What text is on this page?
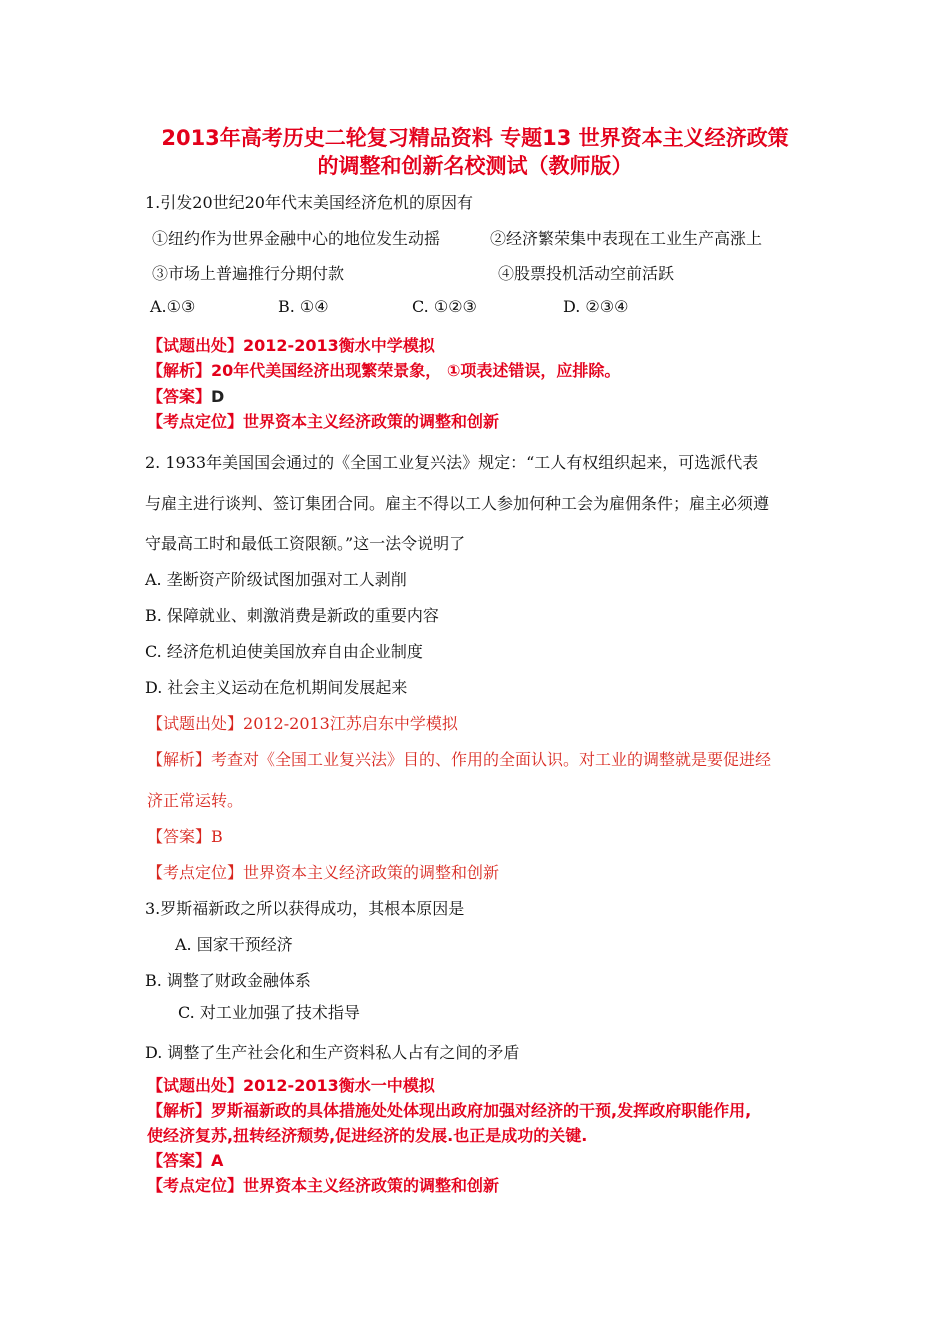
2013年高考历史二轮复习精品资料 专题13 世界资本主义经济政策
的调整和创新名校测试（教师版）
1.引发20世纪20年代末美国经济危机的原因有
①纽约作为世界金融中心的地位发生动摇	②经济繁荣集中表现在工业生产高涨上
③市场上普遍推行分期付款	④股票投机活动空前活跃
A.①③	B. ①④	C. ①②③	D. ②③④
【试题出处】2012-2013衡水中学模拟
【解析】20年代美国经济出现繁荣景象， ①项表述错误，应排除。
【答案】D
【考点定位】世界资本主义经济政策的调整和创新
2. 1933年美国国会通过的《全国工业复兴法》规定：“工人有权组织起来，可选派代表
与雇主进行谈判、签订集团合同。雇主不得以工人参加何种工会为雇佣条件；雇主必须遵
守最高工时和最低工资限额。”这一法令说明了
A. 垄断资产阶级试图加强对工人剥削
B. 保障就业、刺激消费是新政的重要内容
C. 经济危机迫使美国放弃自由企业制度
D. 社会主义运动在危机期间发展起来
【试题出处】2012-2013江苏启东中学模拟
【解析】考查对《全国工业复兴法》目的、作用的全面认识。对工业的调整就是要促进经
济正常运转。
【答案】B
【考点定位】世界资本主义经济政策的调整和创新
3.罗斯福新政之所以获得成功，其根本原因是
A. 国家干预经济
B. 调整了财政金融体系
C. 对工业加强了技术指导
D. 调整了生产社会化和生产资料私人占有之间的矛盾
【试题出处】2012-2013衡水一中模拟
【解析】罗斯福新政的具体措施处处体现出政府加强对经济的干预,发挥政府职能作用,
使经济复苏,扭转经济颓势,促进经济的发展.也正是成功的关键.
【答案】A
【考点定位】世界资本主义经济政策的调整和创新
